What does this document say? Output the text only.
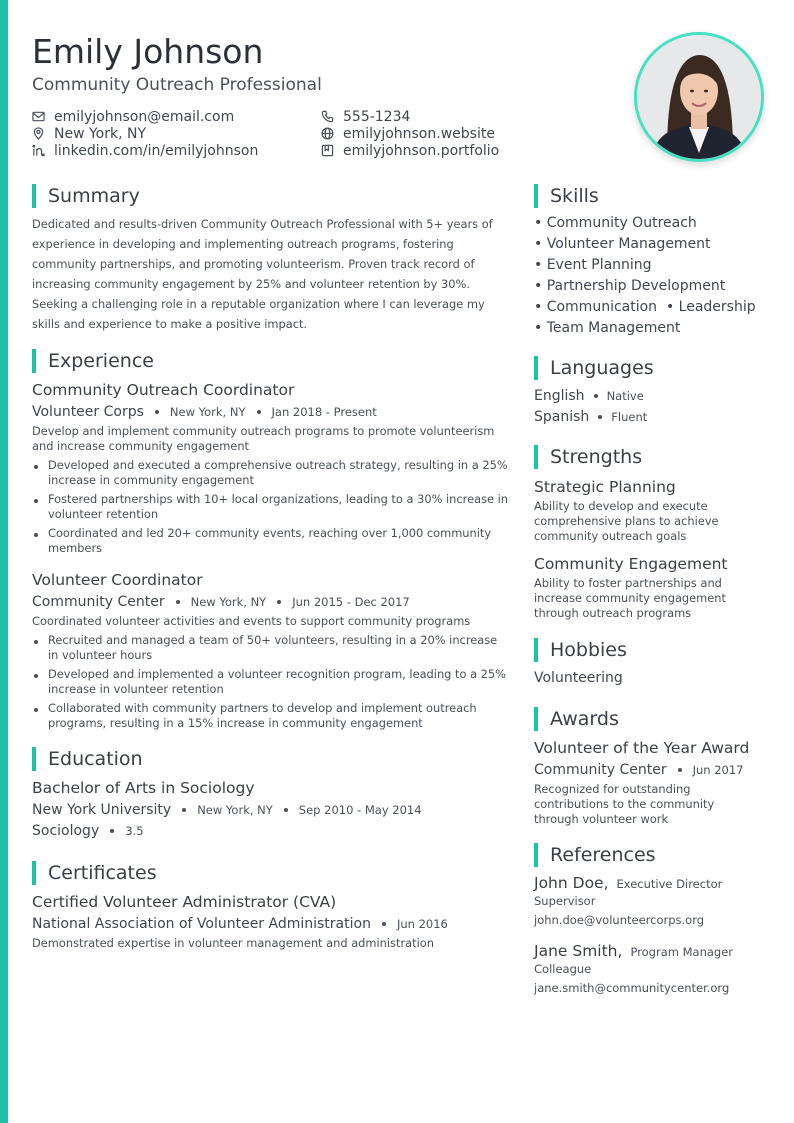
Emily Johnson
Community Outreach Professional
emilyjohnson@email.com	555-1234
New York, NY	emilyjohnson.website
linkedin.com/in/emilyjohnson	emilyjohnson.portfolio
Summary
Dedicated and results-driven Community Outreach Professional with 5+ years of experience in developing and implementing outreach programs, fostering community partnerships, and promoting volunteerism. Proven track record of increasing community engagement by 25% and volunteer retention by 30%. Seeking a challenging role in a reputable organization where I can leverage my skills and experience to make a positive impact.
Experience
Community Outreach Coordinator
Volunteer Corps New York, NY Jan 2018 - Present
Develop and implement community outreach programs to promote volunteerism and increase community engagement
Developed and executed a comprehensive outreach strategy, resulting in a 25% increase in community engagement
Fostered partnerships with 10+ local organizations, leading to a 30% increase in volunteer retention
Coordinated and led 20+ community events, reaching over 1,000 community members
Volunteer Coordinator
Community Center New York, NY Jun 2015 - Dec 2017
Coordinated volunteer activities and events to support community programs
Recruited and managed a team of 50+ volunteers, resulting in a 20% increase in volunteer hours
Developed and implemented a volunteer recognition program, leading to a 25% increase in volunteer retention
Collaborated with community partners to develop and implement outreach programs, resulting in a 15% increase in community engagement
Education
Bachelor of Arts in Sociology
New York University New York, NY Sep 2010 - May 2014
Sociology 3.5
Certificates
Certified Volunteer Administrator (CVA)
National Association of Volunteer Administration Jun 2016
Demonstrated expertise in volunteer management and administration
Skills
• Community Outreach
• Volunteer Management
• Event Planning
• Partnership Development
• Communication  • Leadership
• Team Management
Languages
English Native
Spanish Fluent
Strengths
Strategic Planning
Ability to develop and execute comprehensive plans to achieve community outreach goals
Community Engagement
Ability to foster partnerships and increase community engagement through outreach programs
Hobbies
Volunteering
Awards
Volunteer of the Year Award
Community Center Jun 2017
Recognized for outstanding contributions to the community through volunteer work
References
John Doe, Executive Director
Supervisor
john.doe@volunteercorps.org
Jane Smith, Program Manager
Colleague
jane.smith@communitycenter.org
